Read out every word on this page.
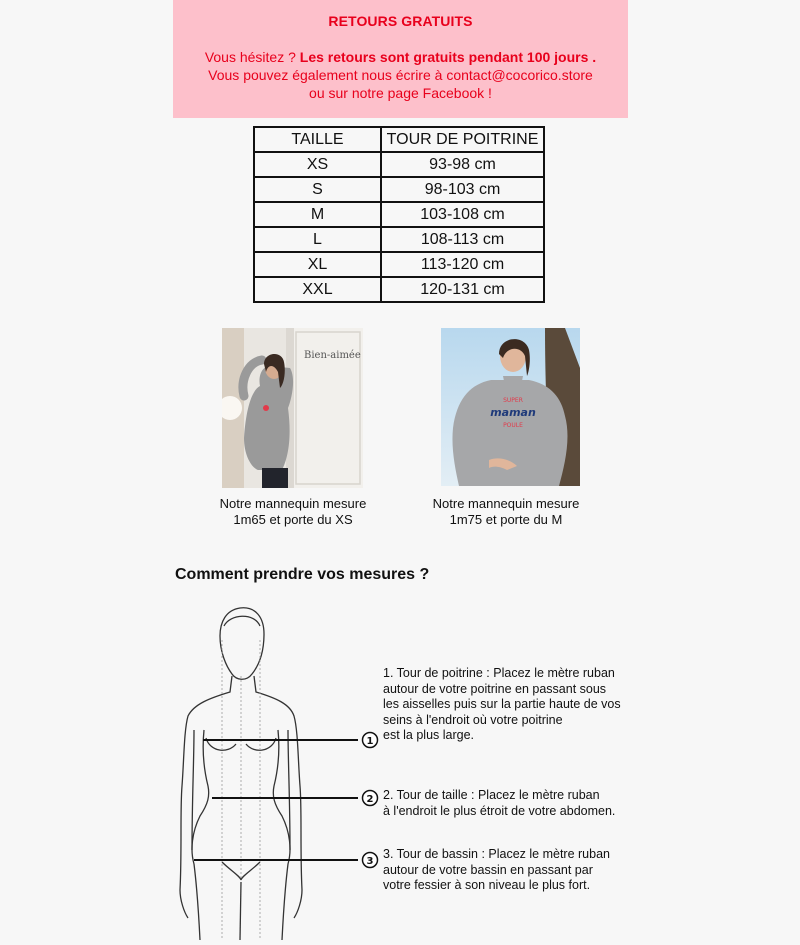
RETOURS GRATUITS
Vous hésitez ? Les retours sont gratuits pendant 100 jours .
Vous pouvez également nous écrire à contact@cocorico.store
ou sur notre page Facebook !
TAILLE	TOUR DE POITRINE
XS	93-98 cm
S	98-103 cm
M	103-108 cm
L	108-113 cm
XL	113-120 cm
XXL	120-131 cm
Bien-aimée
Notre mannequin mesure
1m65 et porte du XS
SUPER
maman
POULE
Notre mannequin mesure
1m75 et porte du M
Comment prendre vos mesures ?
1
2
3
1. Tour de poitrine : Placez le mètre ruban
autour de votre poitrine en passant sous
les aisselles puis sur la partie haute de vos
seins à l'endroit où votre poitrine
est la plus large.
2. Tour de taille : Placez le mètre ruban
à l'endroit le plus étroit de votre abdomen.
3. Tour de bassin : Placez le mètre ruban
autour de votre bassin en passant par
votre fessier à son niveau le plus fort.
